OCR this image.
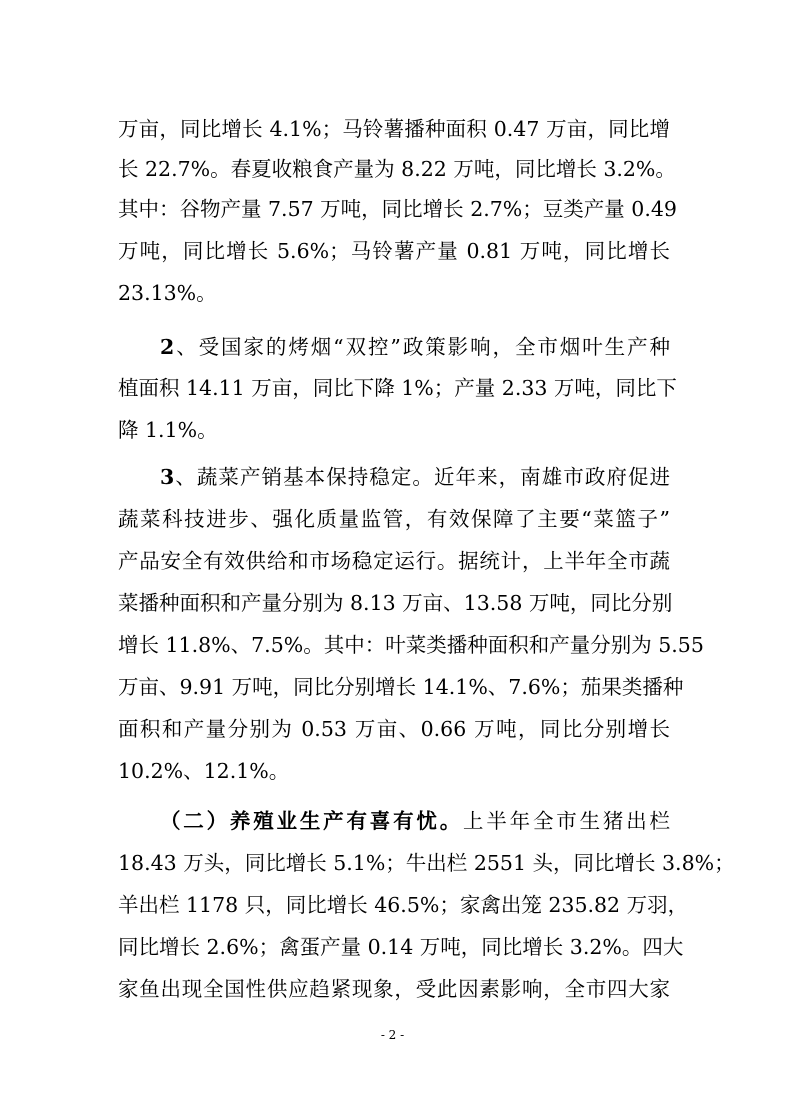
万亩，同比增长 4.1%；马铃薯播种面积 0.47 万亩，同比增
长 22.7%。春夏收粮食产量为 8.22 万吨，同比增长 3.2%。
其中：谷物产量 7.57 万吨，同比增长 2.7%；豆类产量 0.49
万吨，同比增长 5.6%；马铃薯产量 0.81 万吨，同比增长
23.13%。
2、受国家的烤烟“双控”政策影响，全市烟叶生产种
植面积 14.11 万亩，同比下降 1%；产量 2.33 万吨，同比下
降 1.1%。
3、蔬菜产销基本保持稳定。近年来，南雄市政府促进
蔬菜科技进步、强化质量监管，有效保障了主要“菜篮子”
产品安全有效供给和市场稳定运行。据统计，上半年全市蔬
菜播种面积和产量分别为 8.13 万亩、13.58 万吨，同比分别
增长 11.8%、7.5%。其中：叶菜类播种面积和产量分别为 5.55
万亩、9.91 万吨，同比分别增长 14.1%、7.6%；茄果类播种
面积和产量分别为 0.53 万亩、0.66 万吨，同比分别增长
10.2%、12.1%。
（二）养殖业生产有喜有忧。上半年全市生猪出栏
18.43 万头，同比增长 5.1%；牛出栏 2551 头，同比增长 3.8%；
羊出栏 1178 只，同比增长 46.5%；家禽出笼 235.82 万羽，
同比增长 2.6%；禽蛋产量 0.14 万吨，同比增长 3.2%。四大
家鱼出现全国性供应趋紧现象，受此因素影响，全市四大家
- 2 -
